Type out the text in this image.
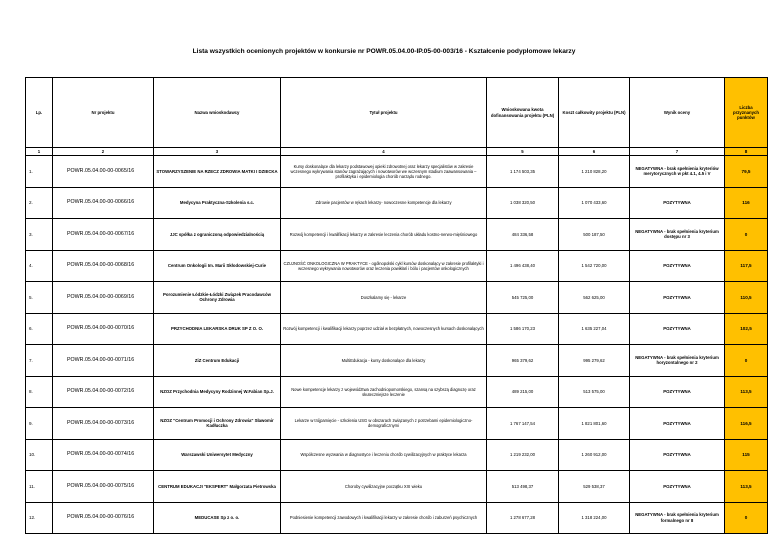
Lista wszystkich ocenionych projektów w konkursie nr POWR.05.04.00-IP.05-00-003/16 - Kształcenie podyplomowe lekarzy
Lp.	Nr projektu	Nazwa wnioskodawcy	Tytuł projektu	Wnioskowana kwota dofinansowania projektu (PLN)	Koszt całkowity projektu (PLN)	Wynik oceny	Liczba przyznanych punktów
1	2	3	4	5	6	7	8
1.	POWR.05.04.00-00-0065/16	STOWARZYSZENIE NA RZECZ ZDROWIA MATKI I DZIECKA	Kursy doskonalące dla lekarzy podstawowej opieki zdrowotnej oraz lekarzy specjalistów w zakresie wczesnego wykrywania stanów zagrażających i nowotworów we wczesnym stadium zaawansowania – profilaktyka i epidemiologia chorób narządu rodnego.	1 174 503,35	1 210 828,20	NEGATYWNA - brak spełnienia kryteriów merytorycznych w pkt 4.1, 4.5 i V	79,5
2.	POWR.05.04.00-00-0066/16	Medycyna Praktyczna-Szkolenia s.c.	Zdrowie pacjentów w rękach lekarzy- nowoczesne kompetencje dla lekarzy	1 038 320,50	1 070 433,60	POZYTYWNA	116
3.	POWR.05.04.00-00-0067/16	JJC spółka z ograniczoną odpowiedzialnością	Rozwój kompetencji i kwalifikacji lekarzy w zakresie leczenia chorób układu kostno-nerwo-mięśniowego	484 336,58	500 187,50	NEGATYWNA - brak spełnienia kryterium dostępu nr 3	0
4.	POWR.05.04.00-00-0068/16	Centrum Onkologii Im. Marii Skłodowskiej-Curie	CZUJNOŚĆ ONKOLOGICZNA W PRAKTYCE - ogólnopolski cykl kursów doskonalący w zakresie profilaktyki i wczesnego wykrywania nowotworów oraz leczenia powikłań i bólu i pacjentów onkologicznych	1 496 438,40	1 542 720,00	POZYTYWNA	117,5
5.	POWR.05.04.00-00-0069/16	Porozumienie Łódzkie-Łódzki Związek Pracodawców Ochrony Zdrowia	Doszkalamy się - lekarze	545 725,00	562 625,00	POZYTYWNA	110,5
6.	POWR.05.04.00-00-0070/16	PRZYCHODNIA LEKARSKA DRUK SP Z O. O.	Rozwój kompetencji i kwalifikacji lekarzy poprzez udział w bezpłatnych, nowoczesnych kursach doskonalących	1 586 170,23	1 635 227,04	POZYTYWNA	102,5
7.	POWR.05.04.00-00-0071/16	ZiZ Centrum Edukacji	MultiEdukacja - kursy doskonalące dla lekarzy	965 379,62	995 279,62	NEGATYWNA - brak spełnienia kryterium horyzontalnego nr 2	0
8.	POWR.05.04.00-00-0072/16	NZOZ Przychodnia Medycyny Rodzinnej W.Fabian Sp.J.	Nowe kompetencje lekarzy z województwa zachodniopomorskiego, szansą na szybszą diagnozę oraz skuteczniejsze leczenie	489 215,00	513 575,00	POZYTYWNA	113,5
9.	POWR.05.04.00-00-0073/16	NZOZ "Centrum Promocji i Ochrony Zdrowia" Sławomir Kadłuczka	Lekarze w trójpamięcie - szkolenia USG w obszarach związanych z potrzebami epidemiologiczno-demograficznymi	1 767 147,54	1 821 801,60	POZYTYWNA	116,5
10.	POWR.05.04.00-00-0074/16	Warszawski Uniwersytet Medyczny	Współczesne wyzwania w diagnostyce i leczeniu chorób cywilizacyjnych w praktyce lekarza	1 219 232,00	1 260 912,00	POZYTYWNA	115
11.	POWR.05.04.00-00-0075/16	CENTRUM EDUKACJI "EKSPERT" Małgorzata Pietrowska	Choroby cywilizacyjne początku XXI wieku	513 498,37	529 538,37	POZYTYWNA	113,5
12.	POWR.05.04.00-00-0076/16	MEDUCASE Sp z o. o.	Podniesienie kompetencji zawodowych i kwalifikacji lekarzy w zakresie chorób i zaburzeń psychicznych	1 278 677,28	1 318 224,00	NEGATYWNA - brak spełnienia kryterium formalnego nr 8	0
